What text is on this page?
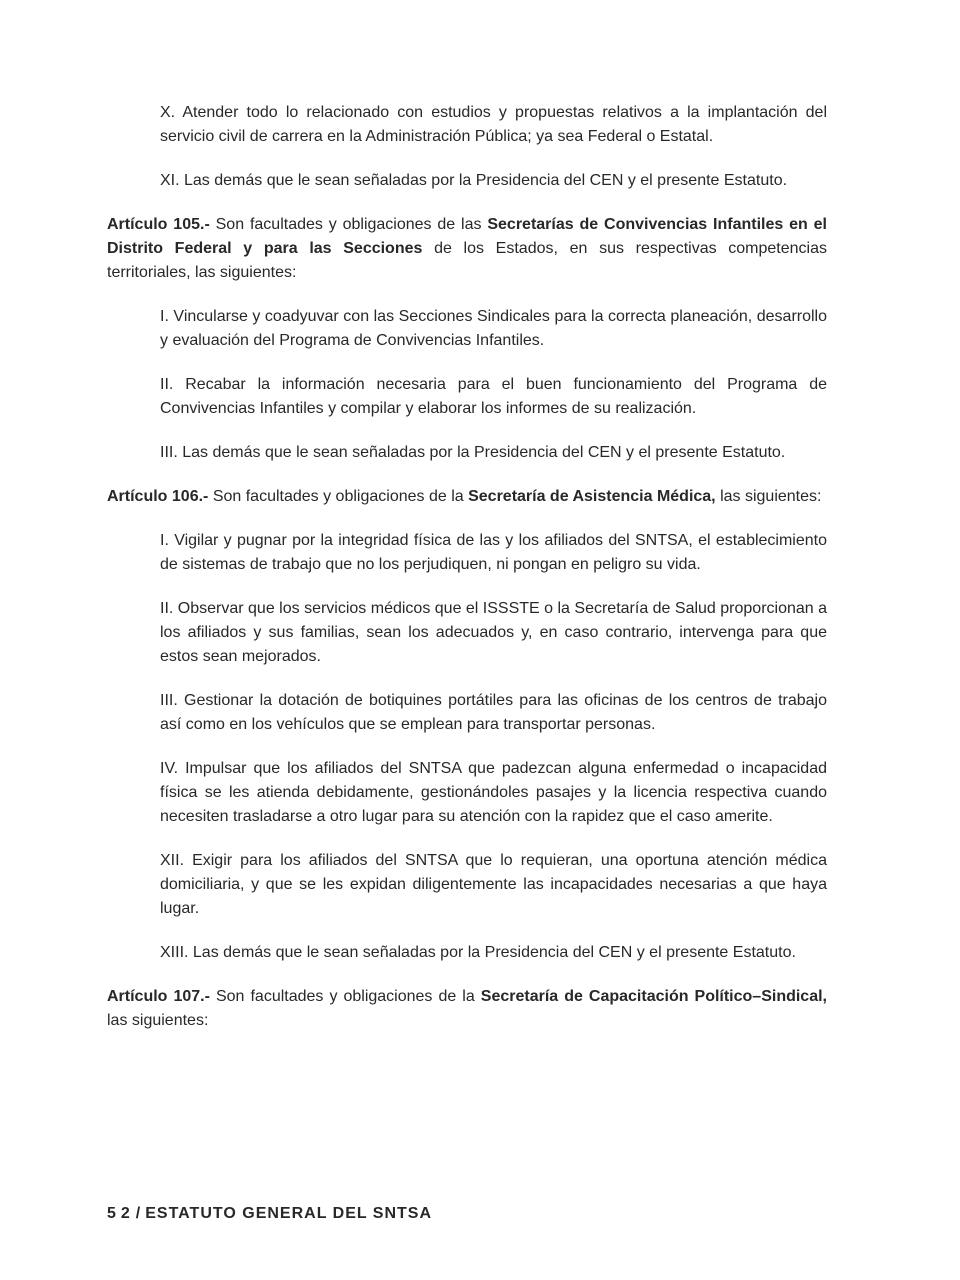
X. Atender todo lo relacionado con estudios y propuestas relativos a la implantación del servicio civil de carrera en la Administración Pública; ya sea Federal o Estatal.

XI. Las demás que le sean señaladas por la Presidencia del CEN y el presente Estatuto.

Artículo 105.- Son facultades y obligaciones de las Secretarías de Convivencias Infantiles en el Distrito Federal y para las Secciones de los Estados, en sus respectivas competencias territoriales, las siguientes:

I. Vincularse y coadyuvar con las Secciones Sindicales para la correcta planeación, desarrollo y evaluación del Programa de Convivencias Infantiles.

II. Recabar la información necesaria para el buen funcionamiento del Programa de Convivencias Infantiles y compilar y elaborar los informes de su realización.

III. Las demás que le sean señaladas por la Presidencia del CEN y el presente Estatuto.

Artículo 106.- Son facultades y obligaciones de la Secretaría de Asistencia Médica, las siguientes:

I. Vigilar y pugnar por la integridad física de las y los afiliados del SNTSA, el establecimiento de sistemas de trabajo que no los perjudiquen, ni pongan en peligro su vida.

II. Observar que los servicios médicos que el ISSSTE o la Secretaría de Salud proporcionan a los afiliados y sus familias, sean los adecuados y, en caso contrario, intervenga para que estos sean mejorados.

III. Gestionar la dotación de botiquines portátiles para las oficinas de los centros de trabajo así como en los vehículos que se emplean para transportar personas.

IV. Impulsar que los afiliados del SNTSA que padezcan alguna enfermedad o incapacidad física se les atienda debidamente, gestionándoles pasajes y la licencia respectiva cuando necesiten trasladarse a otro lugar para su atención con la rapidez que el caso amerite.

XII. Exigir para los afiliados del SNTSA que lo requieran, una oportuna atención médica domiciliaria, y que se les expidan diligentemente las incapacidades necesarias a que haya lugar.

XIII. Las demás que le sean señaladas por la Presidencia del CEN y el presente Estatuto.

Artículo 107.- Son facultades y obligaciones de la Secretaría de Capacitación Político–Sindical, las siguientes:

52/ ESTATUTO GENERAL DEL SNTSA
